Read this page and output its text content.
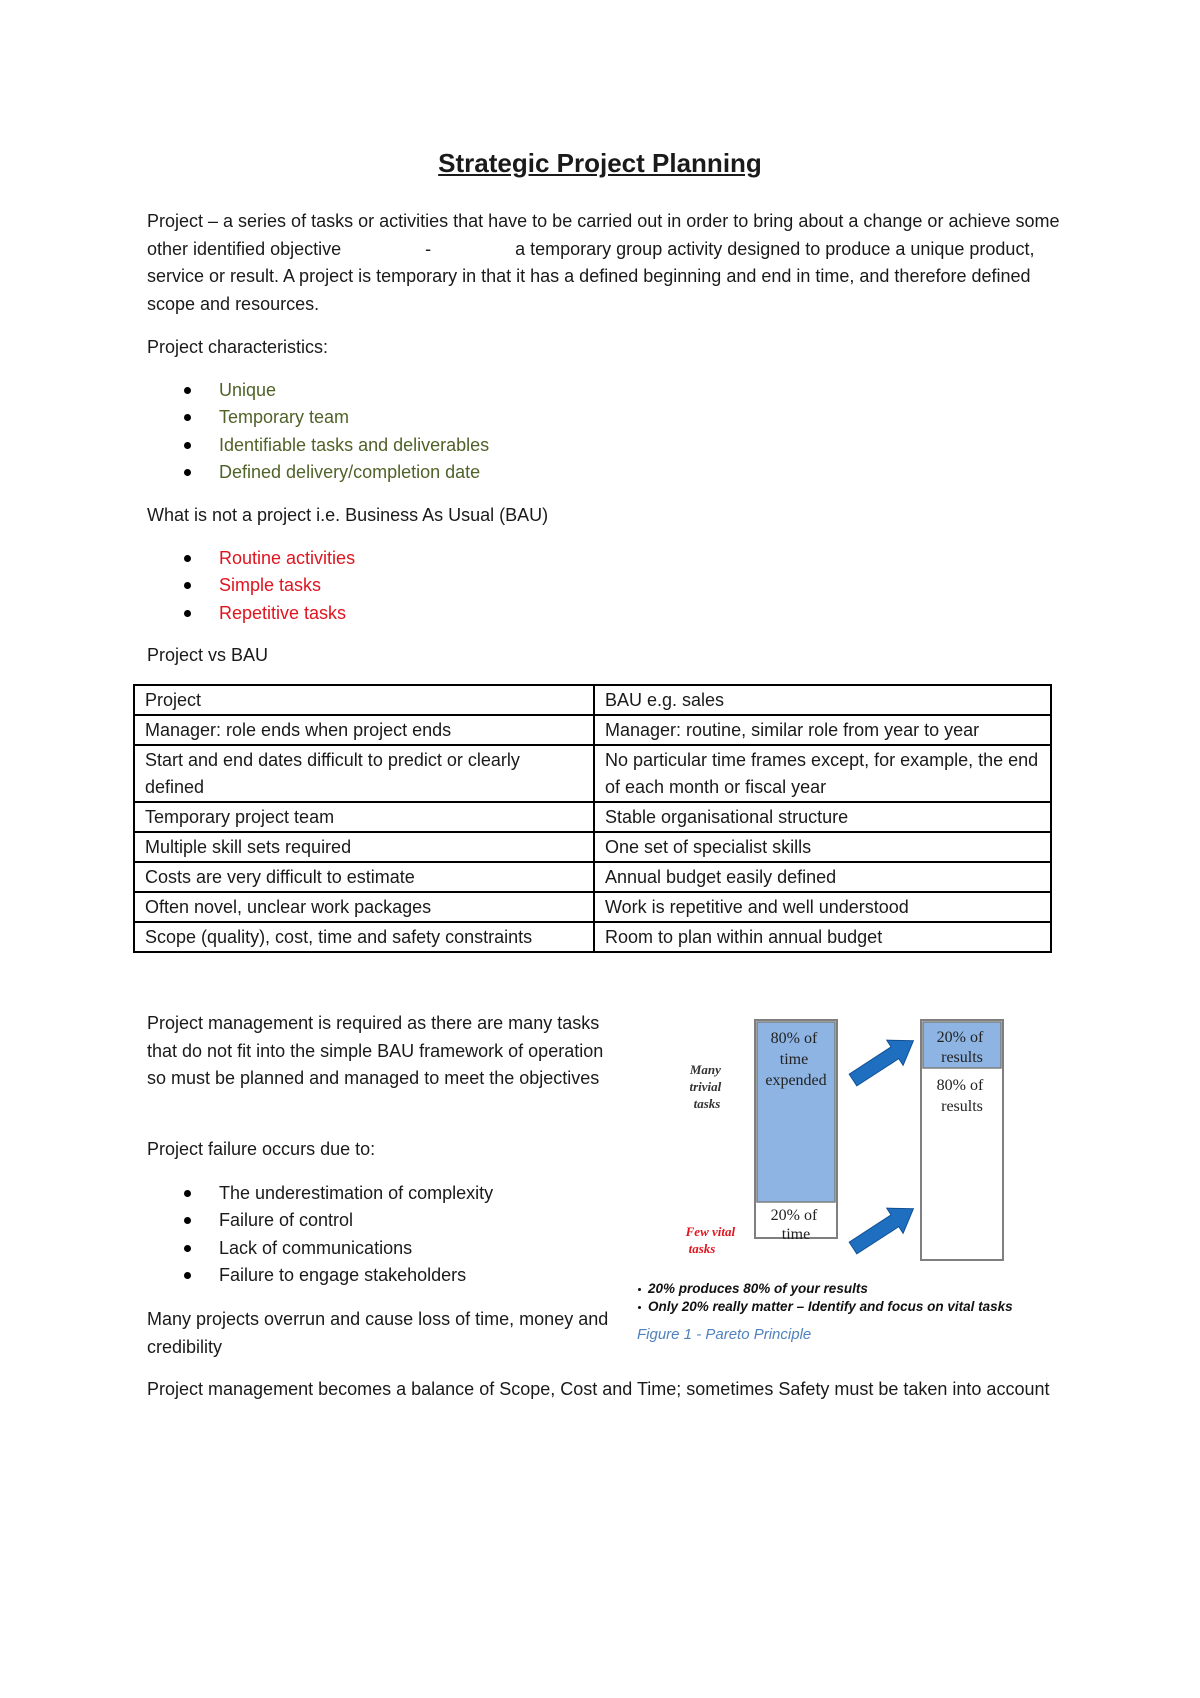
Strategic Project Planning

Project – a series of tasks or activities that have to be carried out in order to bring about a change or achieve some other identified objective	-	a temporary group activity designed to produce a unique product, service or result. A project is temporary in that it has a defined beginning and end in time, and therefore defined scope and resources.

Project characteristics:

Unique
Temporary team
Identifiable tasks and deliverables
Defined delivery/completion date

What is not a project i.e. Business As Usual (BAU)

Routine activities
Simple tasks
Repetitive tasks

Project vs BAU

Project	BAU e.g. sales
Manager: role ends when project ends	Manager: routine, similar role from year to year
Start and end dates difficult to predict or clearly defined	No particular time frames except, for example, the end of each month or fiscal year
Temporary project team	Stable organisational structure
Multiple skill sets required	One set of specialist skills
Costs are very difficult to estimate	Annual budget easily defined
Often novel, unclear work packages	Work is repetitive and well understood
Scope (quality), cost, time and safety constraints	Room to plan within annual budget

Project management is required as there are many tasks that do not fit into the simple BAU framework of operation so must be planned and managed to meet the objectives

Project failure occurs due to:

The underestimation of complexity
Failure of control
Lack of communications
Failure to engage stakeholders

Many projects overrun and cause loss of time, money and credibility

Project management becomes a balance of Scope, Cost and Time; sometimes Safety must be taken into account

80% of time expended
20% of time
20% of results
80% of results
Many trivial tasks
Few vital tasks
20% produces 80% of your results
Only 20% really matter – Identify and focus on vital tasks
Figure 1 - Pareto Principle
